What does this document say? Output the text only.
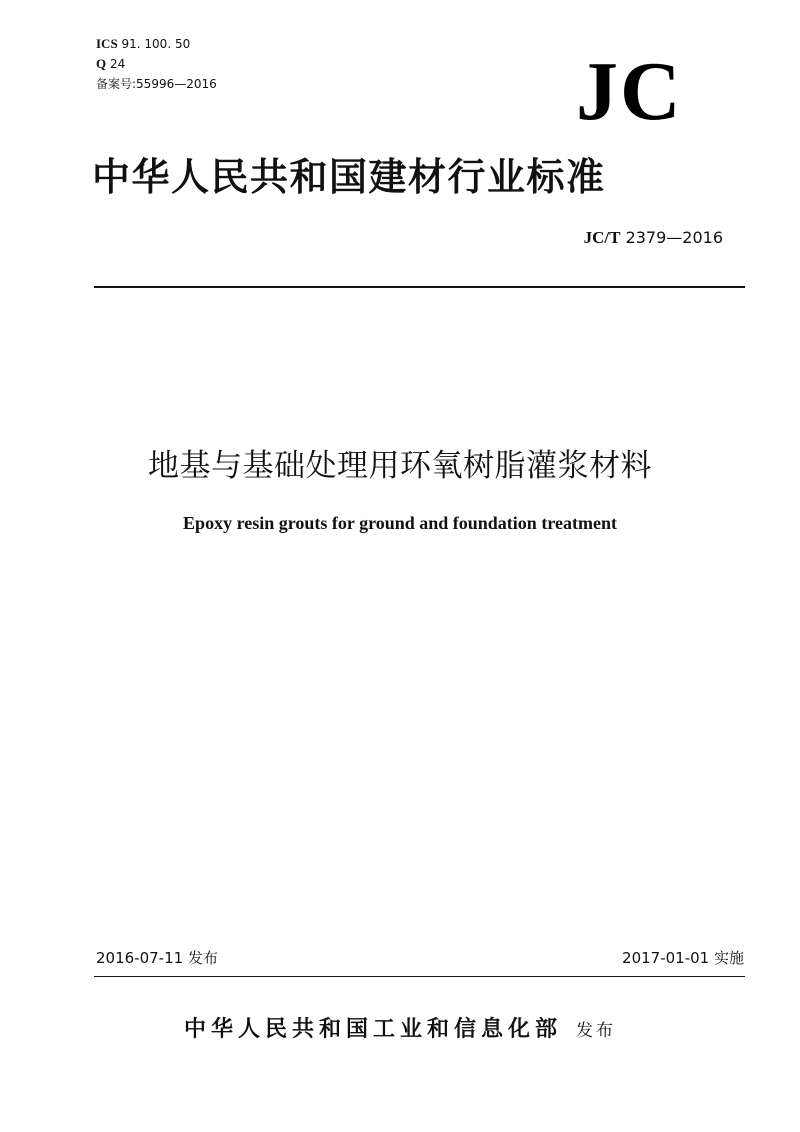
ICS 91. 100. 50
Q 24
备案号:55996—2016	JC
中华人民共和国建材行业标准
JC/T 2379—2016
地基与基础处理用环氧树脂灌浆材料
Epoxy resin grouts for ground and foundation treatment
2016-07-11 发布	2017-01-01 实施
中华人民共和国工业和信息化部 发布
